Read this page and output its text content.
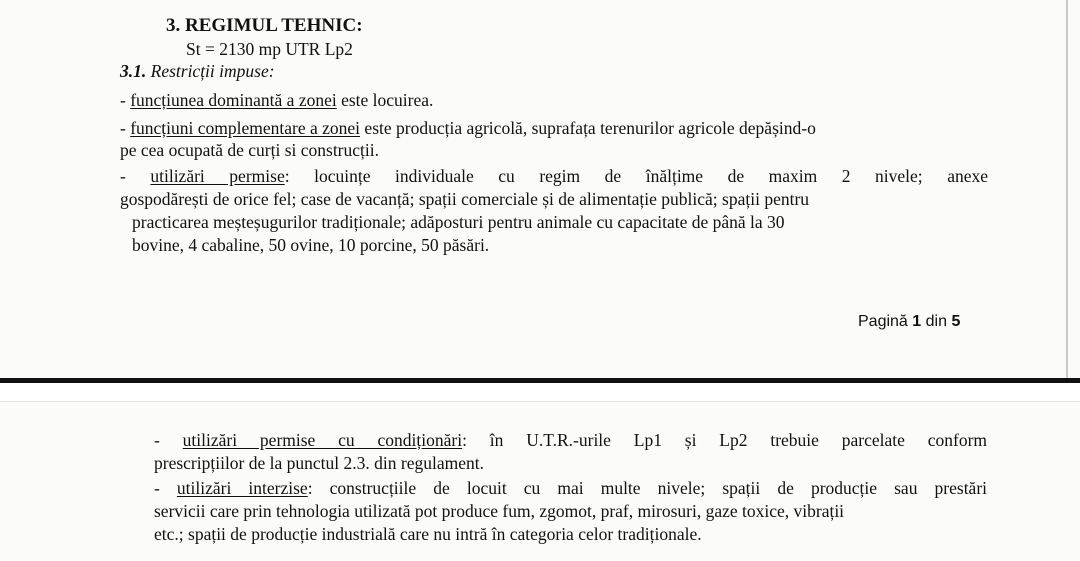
3. REGIMUL TEHNIC:
St = 2130 mp UTR Lp2
3.1. Restricții impuse:
- funcțiunea dominantă a zonei este locuirea.
- funcțiuni complementare a zonei este producția agricolă, suprafața terenurilor agricole depășind-o
pe cea ocupată de curți si construcții.
- utilizări permise: locuințe individuale cu regim de înălțime de maxim 2 nivele; anexe
gospodărești de orice fel; case de vacanță; spații comerciale și de alimentație publică; spații pentru
practicarea meșteșugurilor tradiționale; adăposturi pentru animale cu capacitate de până la 30
bovine, 4 cabaline, 50 ovine, 10 porcine, 50 păsări.
Pagină 1 din 5
- utilizări permise cu condiționări: în U.T.R.-urile Lp1 și Lp2 trebuie parcelate conform
prescripțiilor de la punctul 2.3. din regulament.
- utilizări interzise: construcțiile de locuit cu mai multe nivele; spații de producție sau prestări
servicii care prin tehnologia utilizată pot produce fum, zgomot, praf, mirosuri, gaze toxice, vibrații
etc.; spații de producție industrială care nu intră în categoria celor tradiționale.
